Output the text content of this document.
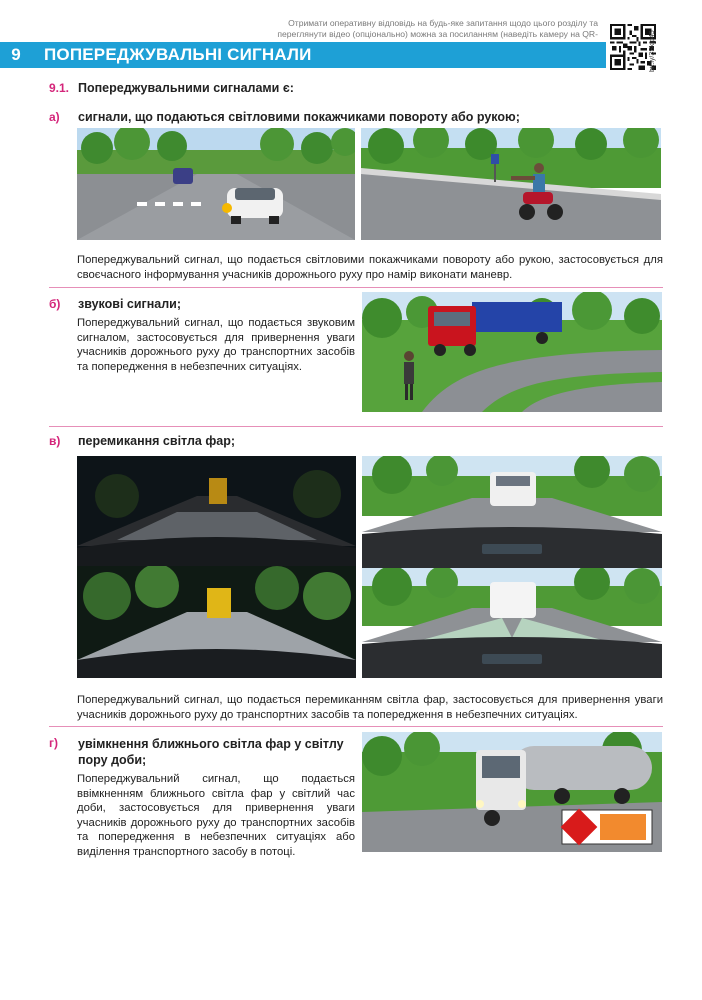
Отримати оперативну відповідь на будь-яке запитання щодо цього розділу та переглянути відео (опціонально) можна за посиланням (наведіть камеру на QR-
9	ПОПЕРЕДЖУВАЛЬНІ СИГНАЛИ	bit.ly/3Skjp45
9.1. Попереджувальними сигналами є:
а) сигнали, що подаються світловими покажчиками повороту або рукою;
Попереджувальний сигнал, що подається світловими покажчиками повороту або рукою, застосовується для своєчасного інформування учасників дорожнього руху про намір виконати маневр.
б) звукові сигнали;
Попереджувальний сигнал, що подається звуковим сигналом, застосовується для привернення уваги учасників дорожнього руху до транспортних засобів та попередження в небезпечних ситуаціях.
в) перемикання світла фар;
Попереджувальний сигнал, що подається перемиканням світла фар, застосовується для привернення уваги учасників дорожнього руху до транспортних засобів та попередження в небезпечних ситуаціях.
г) увімкнення ближнього світла фар у світлу пору доби;
Попереджувальний сигнал, що подається ввімкненням ближнього світла фар у світлий час доби, застосовується для привернення уваги учасників дорожнього руху до транспортних засобів та попередження в небезпечних ситуаціях або виділення транспортного засобу в потоці.
